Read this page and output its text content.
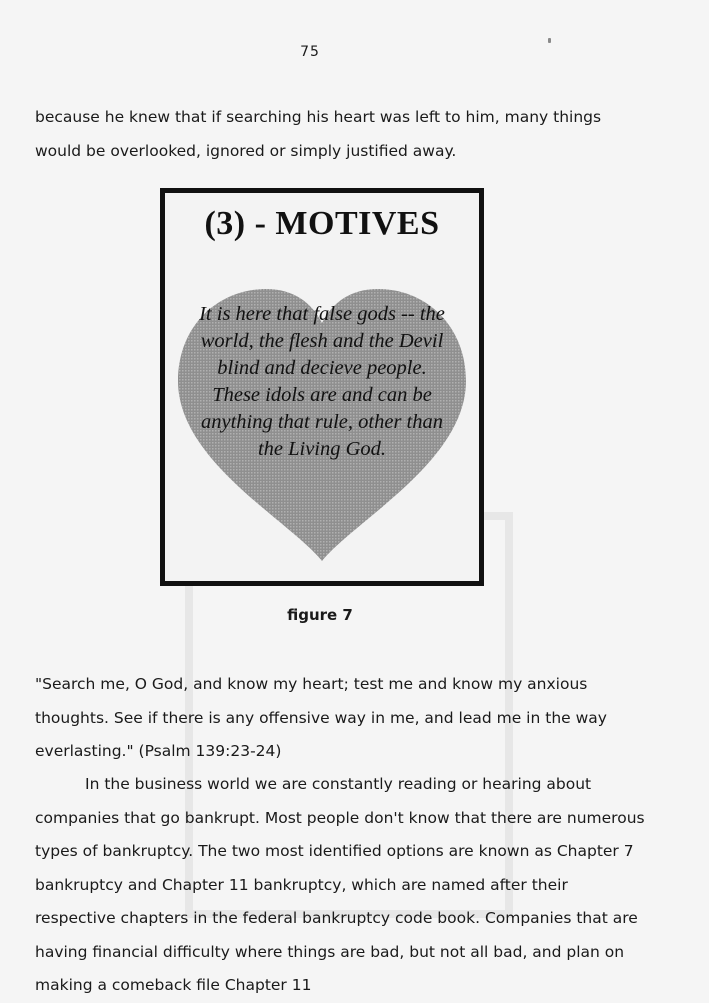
75

because he knew that if searching his heart was left to him, many things would be overlooked, ignored or simply justified away.

(3) - MOTIVES
It is here that false gods -- the world, the flesh and the Devil blind and decieve people. These idols are and can be anything that rule, other than the Living God.
figure 7

"Search me, O God, and know my heart; test me and know my anxious thoughts. See if there is any offensive way in me, and lead me in the way everlasting." (Psalm 139:23-24)

In the business world we are constantly reading or hearing about companies that go bankrupt. Most people don't know that there are numerous types of bankruptcy. The two most identified options are known as Chapter 7 bankruptcy and Chapter 11 bankruptcy, which are named after their respective chapters in the federal bankruptcy code book. Companies that are having financial difficulty where things are bad, but not all bad, and plan on making a comeback file Chapter 11
